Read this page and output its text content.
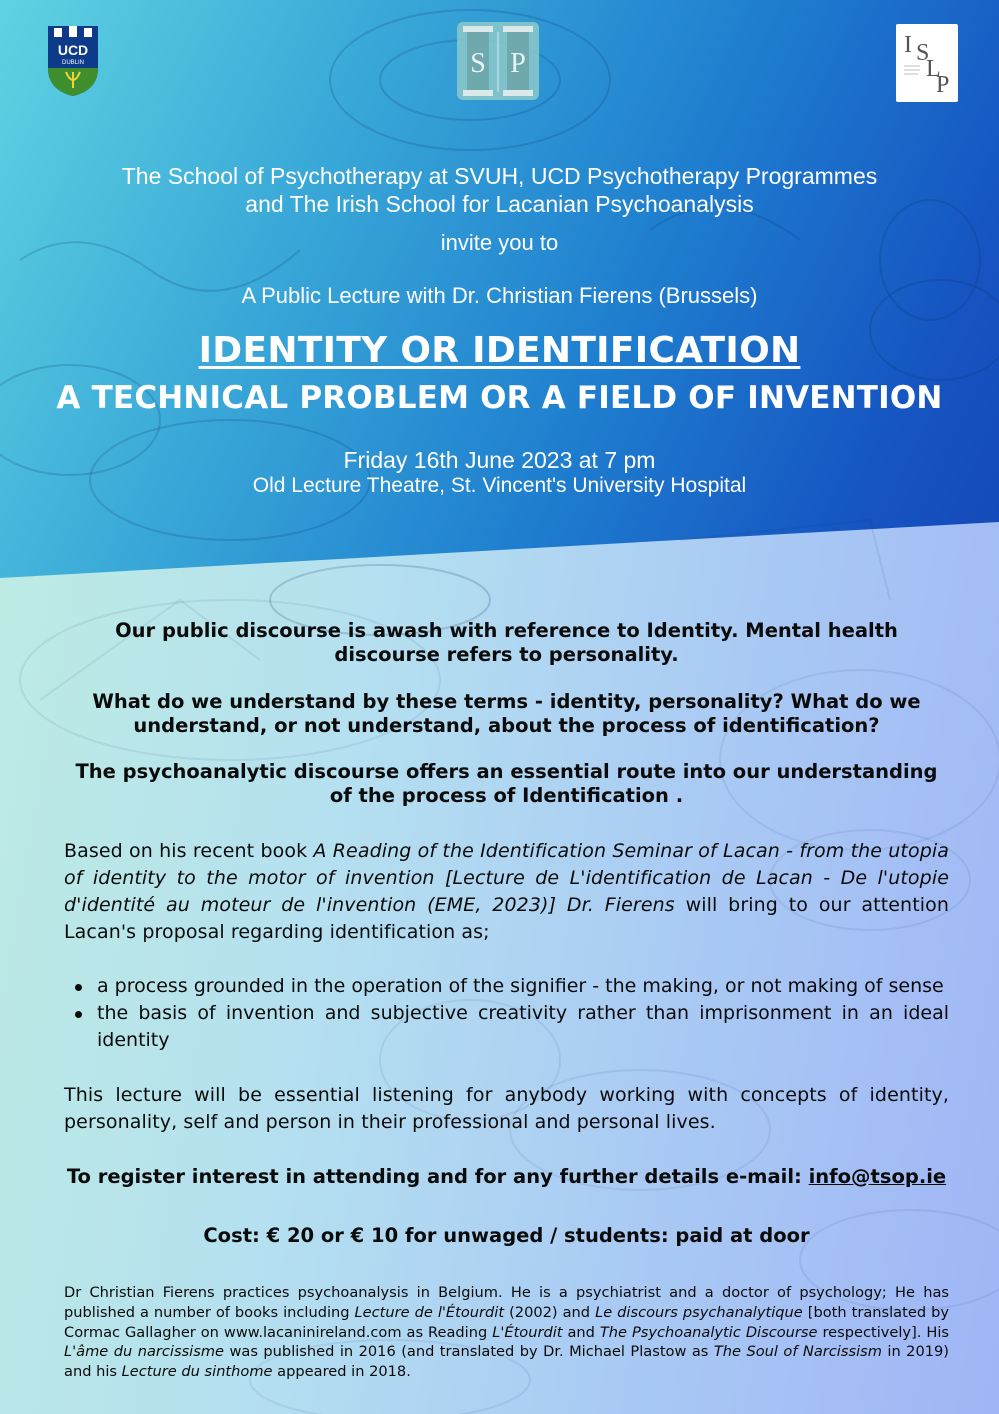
UCD
DUBLIN	S P
I S
L
P
The School of Psychotherapy at SVUH, UCD Psychotherapy Programmes
and The Irish School for Lacanian Psychoanalysis
invite you to
A Public Lecture with Dr. Christian Fierens (Brussels)
IDENTITY OR IDENTIFICATION
A TECHNICAL PROBLEM OR A FIELD OF INVENTION
Friday 16th June 2023 at 7 pm
Old Lecture Theatre, St. Vincent's University Hospital
Our public discourse is awash with reference to Identity. Mental health discourse refers to personality.
What do we understand by these terms - identity, personality? What do we understand, or not understand, about the process of identification?
The psychoanalytic discourse offers an essential route into our understanding of the process of Identification .
Based on his recent book A Reading of the Identification Seminar of Lacan - from the utopia of identity to the motor of invention [Lecture de L'identification de Lacan - De l'utopie d'identité au moteur de l'invention (EME, 2023)] Dr. Fierens will bring to our attention Lacan's proposal regarding identification as;
a process grounded in the operation of the signifier - the making, or not making of sense
the basis of invention and subjective creativity rather than imprisonment in an ideal identity
This lecture will be essential listening for anybody working with concepts of identity, personality, self and person in their professional and personal lives.
To register interest in attending and for any further details e-mail: info@tsop.ie
Cost: € 20 or € 10 for unwaged / students: paid at door
Dr Christian Fierens practices psychoanalysis in Belgium. He is a psychiatrist and a doctor of psychology; He has published a number of books including Lecture de l'Étourdit (2002) and Le discours psychanalytique [both translated by Cormac Gallagher on www.lacaninireland.com as Reading L'Étourdit and The Psychoanalytic Discourse respectively]. His L'âme du narcissisme was published in 2016 (and translated by Dr. Michael Plastow as The Soul of Narcissism in 2019) and his Lecture du sinthome appeared in 2018.
